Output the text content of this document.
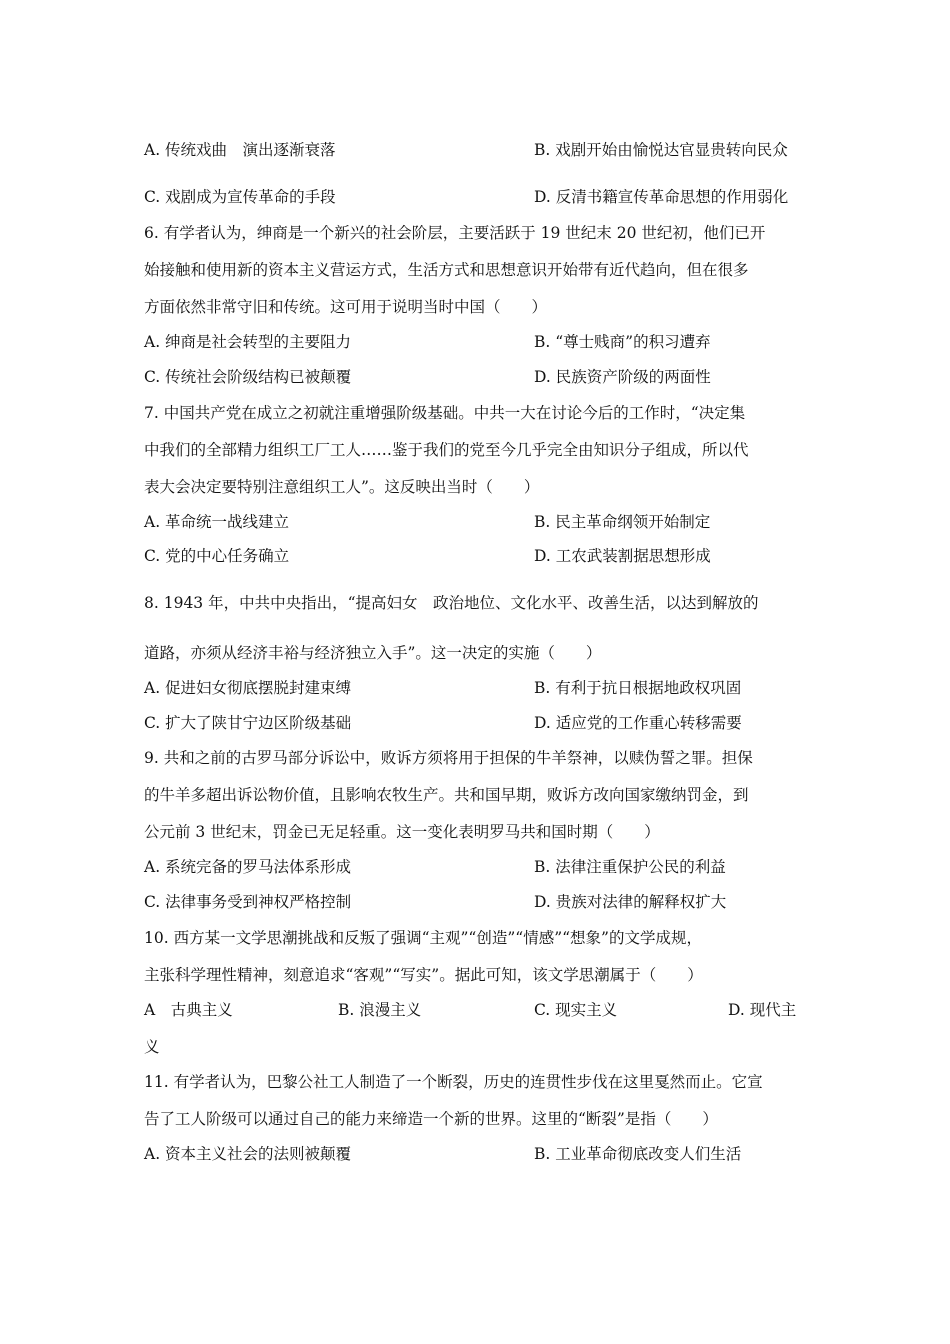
A. 传统戏曲　演出逐渐衰落	B. 戏剧开始由愉悦达官显贵转向民众
C. 戏剧成为宣传革命的手段	D. 反清书籍宣传革命思想的作用弱化
6. 有学者认为，绅商是一个新兴的社会阶层，主要活跃于 19 世纪末 20 世纪初，他们已开
始接触和使用新的资本主义营运方式，生活方式和思想意识开始带有近代趋向，但在很多
方面依然非常守旧和传统。这可用于说明当时中国（　　）
A. 绅商是社会转型的主要阻力	B. “尊士贱商”的积习遭弃
C. 传统社会阶级结构已被颠覆	D. 民族资产阶级的两面性
7. 中国共产党在成立之初就注重增强阶级基础。中共一大在讨论今后的工作时，“决定集
中我们的全部精力组织工厂工人……鉴于我们的党至今几乎完全由知识分子组成，所以代
表大会决定要特别注意组织工人”。这反映出当时（　　）
A. 革命统一战线建立	B. 民主革命纲领开始制定
C. 党的中心任务确立	D. 工农武装割据思想形成
8. 1943 年，中共中央指出，“提高妇女　政治地位、文化水平、改善生活，以达到解放的
道路，亦须从经济丰裕与经济独立入手”。这一决定的实施（　　）
A. 促进妇女彻底摆脱封建束缚	B. 有利于抗日根据地政权巩固
C. 扩大了陕甘宁边区阶级基础	D. 适应党的工作重心转移需要
9. 共和之前的古罗马部分诉讼中，败诉方须将用于担保的牛羊祭神，以赎伪誓之罪。担保
的牛羊多超出诉讼物价值，且影响农牧生产。共和国早期，败诉方改向国家缴纳罚金，到
公元前 3 世纪末，罚金已无足轻重。这一变化表明罗马共和国时期（　　）
A. 系统完备的罗马法体系形成	B. 法律注重保护公民的利益
C. 法律事务受到神权严格控制	D. 贵族对法律的解释权扩大
10. 西方某一文学思潮挑战和反叛了强调“主观”“创造”“情感”“想象”的文学成规，
主张科学理性精神，刻意追求“客观”“写实”。据此可知，该文学思潮属于（　　）
A　古典主义	B. 浪漫主义	C. 现实主义	D. 现代主
义
11. 有学者认为，巴黎公社工人制造了一个断裂，历史的连贯性步伐在这里戛然而止。它宣
告了工人阶级可以通过自己的能力来缔造一个新的世界。这里的“断裂”是指（　　）
A. 资本主义社会的法则被颠覆	B. 工业革命彻底改变人们生活
